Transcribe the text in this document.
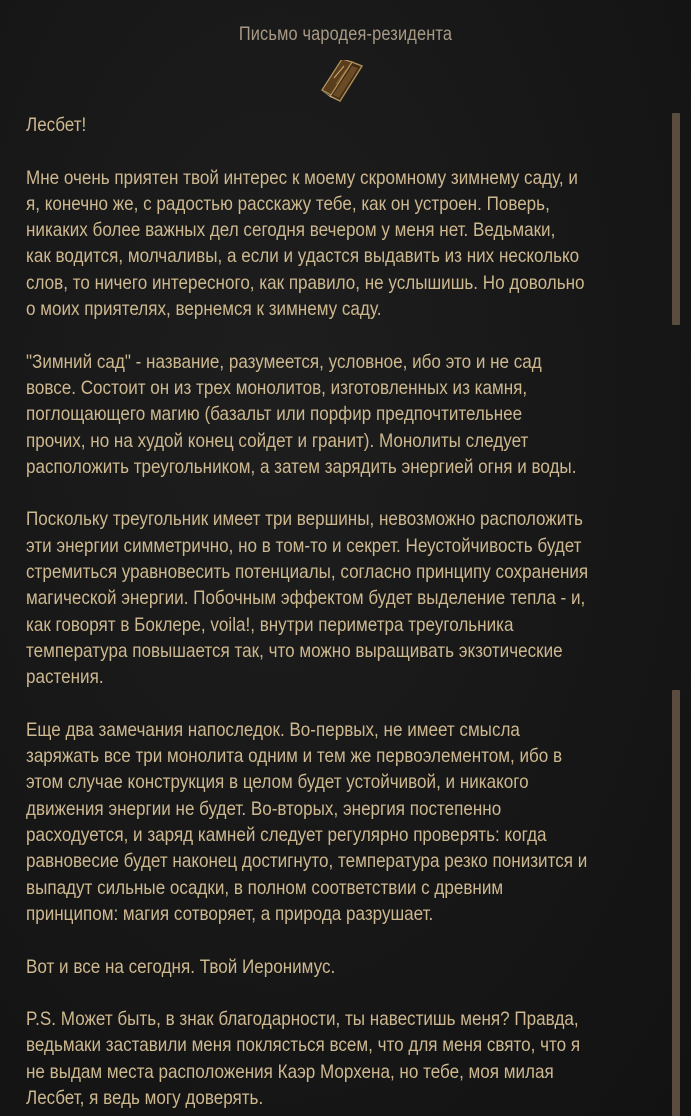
Письмо чародея-резидента

Лесбет!

Мне очень приятен твой интерес к моему скромному зимнему саду, и
я, конечно же, с радостью расскажу тебе, как он устроен. Поверь,
никаких более важных дел сегодня вечером у меня нет. Ведьмаки,
как водится, молчаливы, а если и удастся выдавить из них несколько
слов, то ничего интересного, как правило, не услышишь. Но довольно
о моих приятелях, вернемся к зимнему саду.

"Зимний сад" - название, разумеется, условное, ибо это и не сад
вовсе. Состоит он из трех монолитов, изготовленных из камня,
поглощающего магию (базальт или порфир предпочтительнее
прочих, но на худой конец сойдет и гранит). Монолиты следует
расположить треугольником, а затем зарядить энергией огня и воды.

Поскольку треугольник имеет три вершины, невозможно расположить
эти энергии симметрично, но в том-то и секрет. Неустойчивость будет
стремиться уравновесить потенциалы, согласно принципу сохранения
магической энергии. Побочным эффектом будет выделение тепла - и,
как говорят в Боклере, voila!, внутри периметра треугольника
температура повышается так, что можно выращивать экзотические
растения.

Еще два замечания напоследок. Во-первых, не имеет смысла
заряжать все три монолита одним и тем же первоэлементом, ибо в
этом случае конструкция в целом будет устойчивой, и никакого
движения энергии не будет. Во-вторых, энергия постепенно
расходуется, и заряд камней следует регулярно проверять: когда
равновесие будет наконец достигнуто, температура резко понизится и
выпадут сильные осадки, в полном соответствии с древним
принципом: магия сотворяет, а природа разрушает.

Вот и все на сегодня. Твой Иеронимус.

P.S. Может быть, в знак благодарности, ты навестишь меня? Правда,
ведьмаки заставили меня поклясться всем, что для меня свято, что я
не выдам места расположения Каэр Морхена, но тебе, моя милая
Лесбет, я ведь могу доверять.
